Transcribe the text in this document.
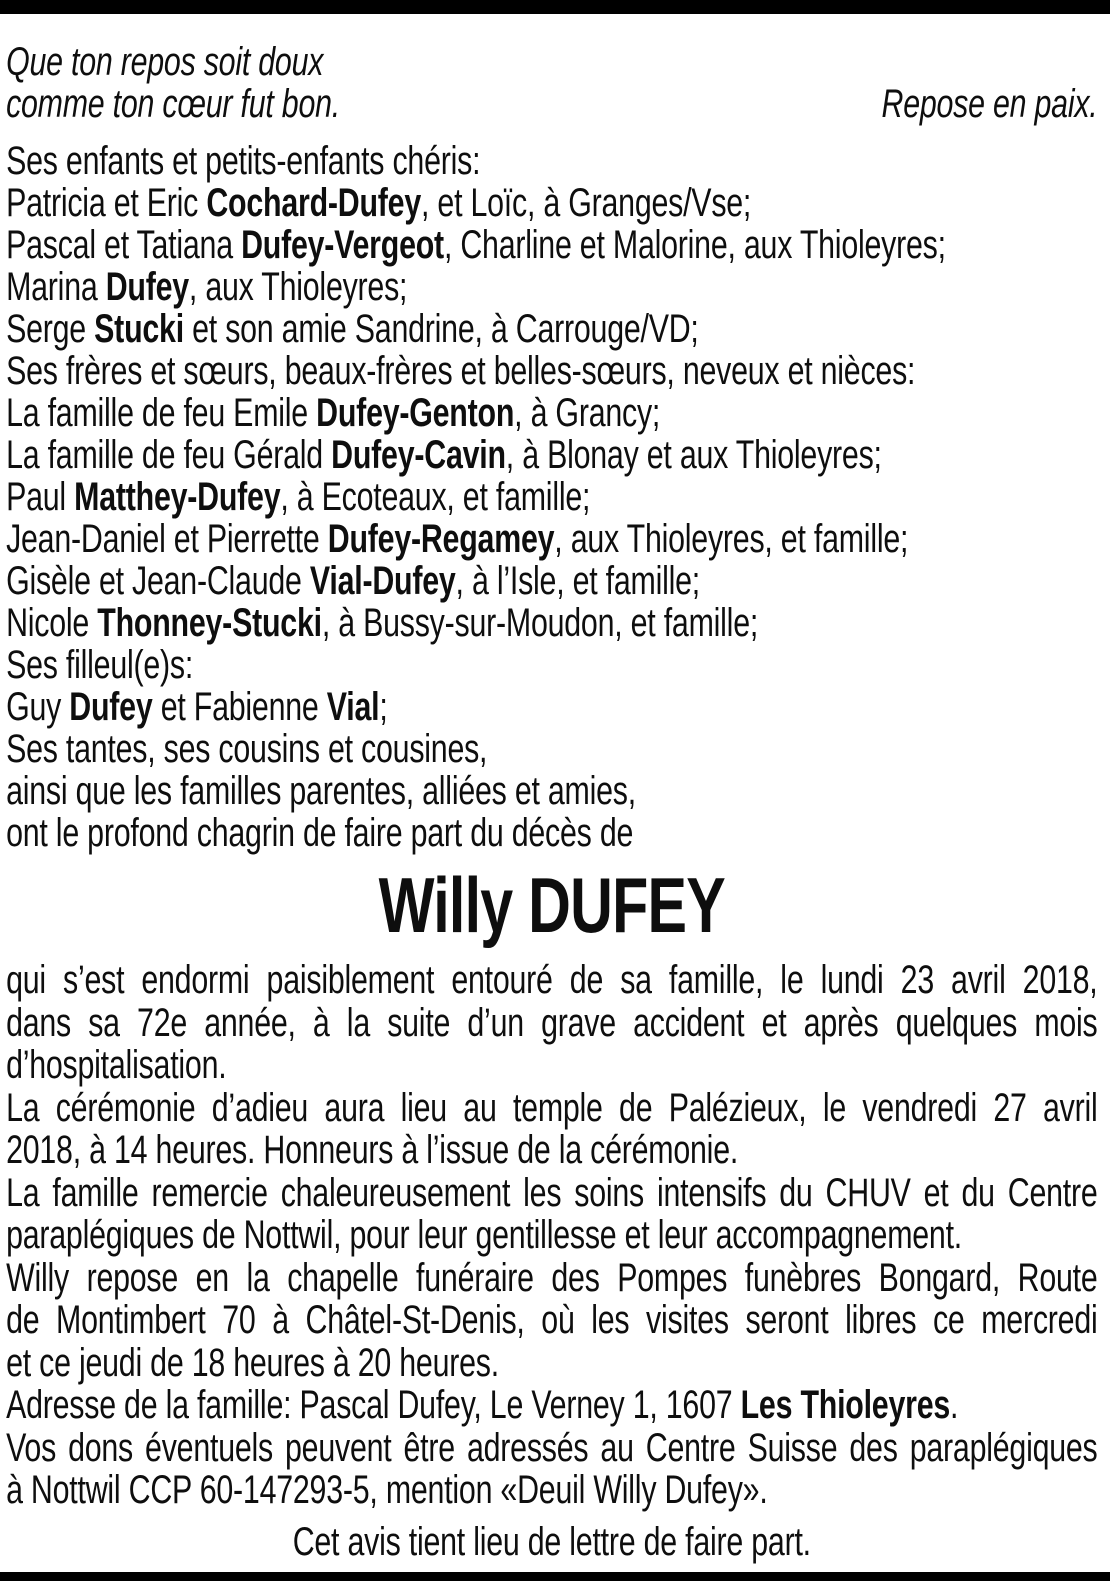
Que ton repos soit doux
comme ton cœur fut bon.	Repose en paix.
Ses enfants et petits-enfants chéris:
Patricia et Eric Cochard-Dufey, et Loïc, à Granges/Vse;
Pascal et Tatiana Dufey-Vergeot, Charline et Malorine, aux Thioleyres;
Marina Dufey, aux Thioleyres;
Serge Stucki et son amie Sandrine, à Carrouge/VD;
Ses frères et sœurs, beaux-frères et belles-sœurs, neveux et nièces:
La famille de feu Emile Dufey-Genton, à Grancy;
La famille de feu Gérald Dufey-Cavin, à Blonay et aux Thioleyres;
Paul Matthey-Dufey, à Ecoteaux, et famille;
Jean-Daniel et Pierrette Dufey-Regamey, aux Thioleyres, et famille;
Gisèle et Jean-Claude Vial-Dufey, à l’Isle, et famille;
Nicole Thonney-Stucki, à Bussy-sur-Moudon, et famille;
Ses filleul(e)s:
Guy Dufey et Fabienne Vial;
Ses tantes, ses cousins et cousines,
ainsi que les familles parentes, alliées et amies,
ont le profond chagrin de faire part du décès de
Willy DUFEY
qui s’est endormi paisiblement entouré de sa famille, le lundi 23 avril 2018,
dans sa 72e année, à la suite d’un grave accident et après quelques mois
d’hospitalisation.
La cérémonie d’adieu aura lieu au temple de Palézieux, le vendredi 27 avril
2018, à 14 heures. Honneurs à l’issue de la cérémonie.
La famille remercie chaleureusement les soins intensifs du CHUV et du Centre
paraplégiques de Nottwil, pour leur gentillesse et leur accompagnement.
Willy repose en la chapelle funéraire des Pompes funèbres Bongard, Route
de Montimbert 70 à Châtel-St-Denis, où les visites seront libres ce mercredi
et ce jeudi de 18 heures à 20 heures.
Adresse de la famille: Pascal Dufey, Le Verney 1, 1607 Les Thioleyres.
Vos dons éventuels peuvent être adressés au Centre Suisse des paraplégiques
à Nottwil CCP 60-147293-5, mention «Deuil Willy Dufey».
Cet avis tient lieu de lettre de faire part.
